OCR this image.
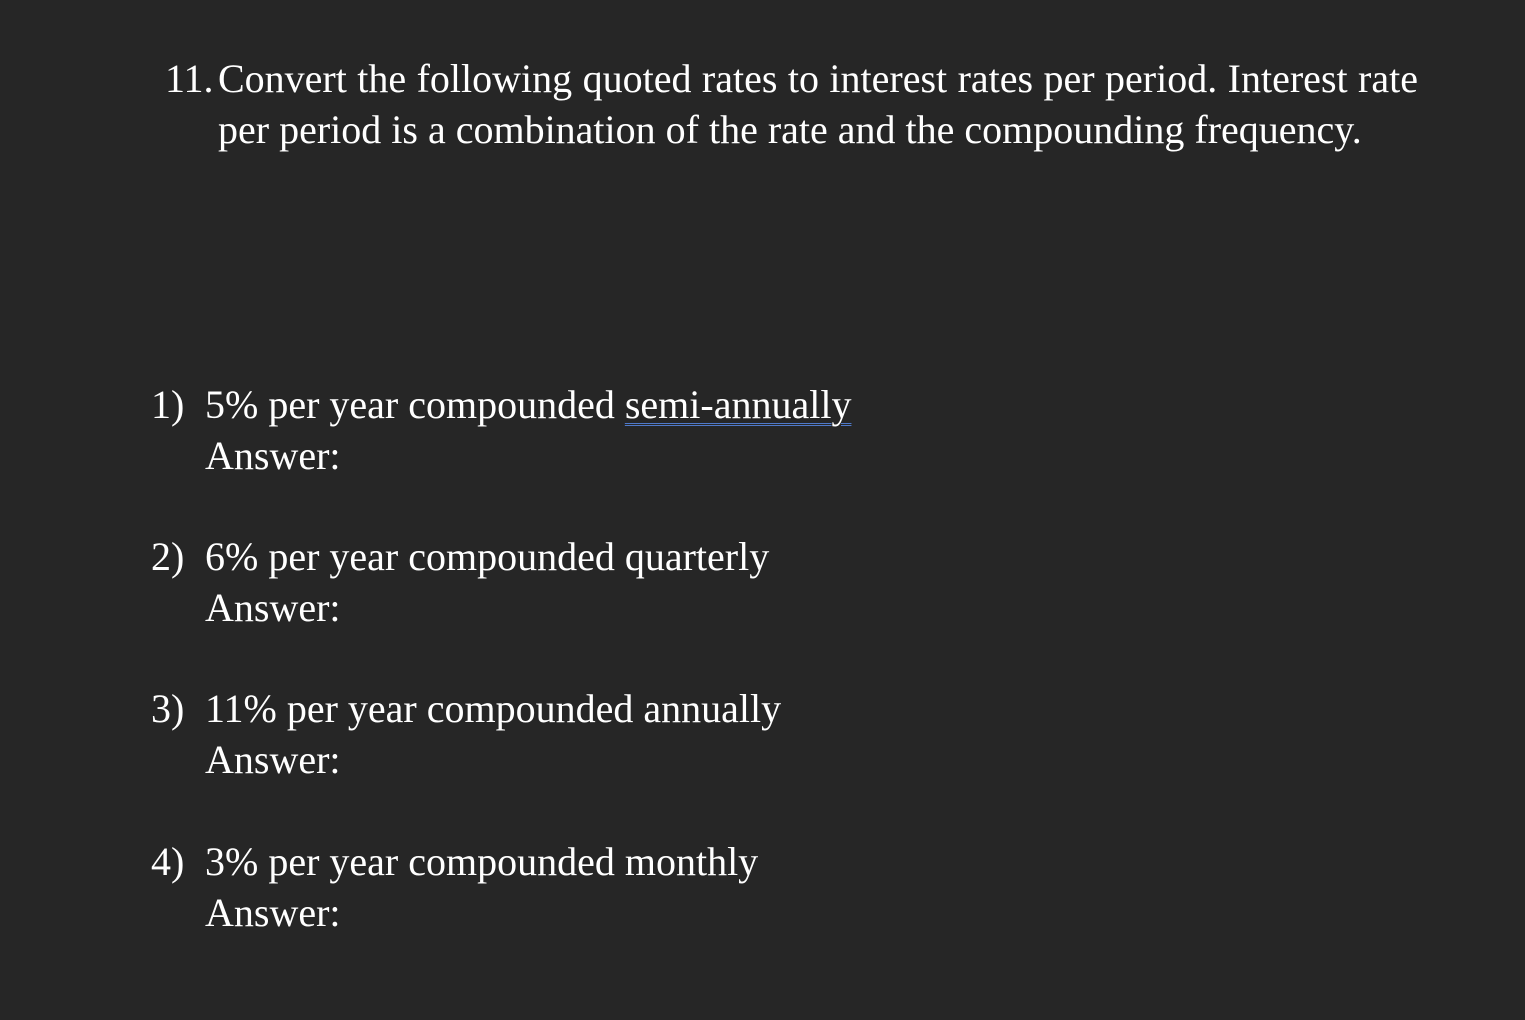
11. Convert the following quoted rates to interest rates per period. Interest rate per period is a combination of the rate and the compounding frequency.
1) 5% per year compounded semi-annually
Answer:
2) 6% per year compounded quarterly
Answer:
3) 11% per year compounded annually
Answer:
4) 3% per year compounded monthly
Answer:
